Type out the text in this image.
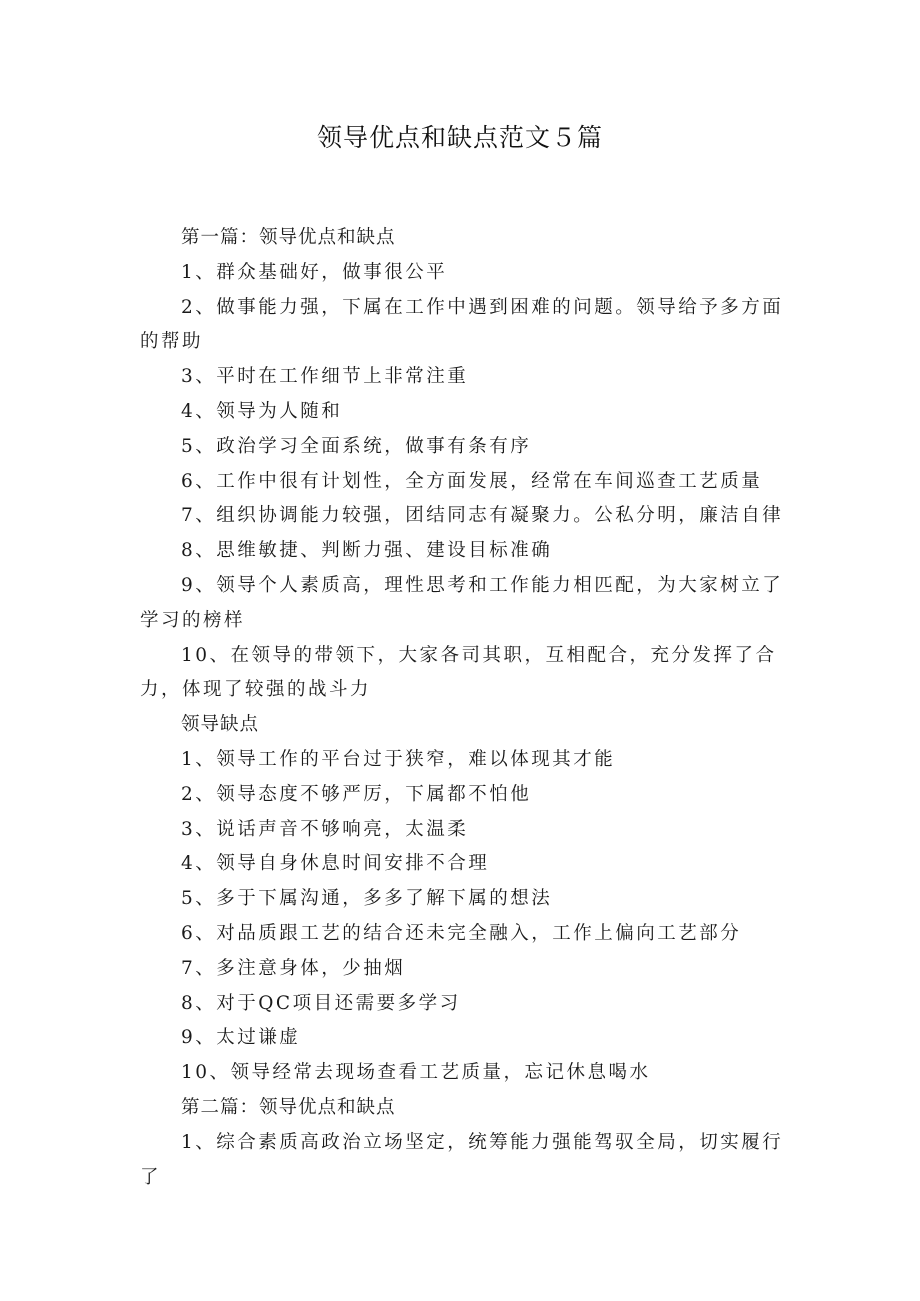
领导优点和缺点范文５篇

第一篇：领导优点和缺点

1、群众基础好，做事很公平

2、做事能力强，下属在工作中遇到困难的问题。领导给予多方面的帮助

3、平时在工作细节上非常注重

4、领导为人随和

5、政治学习全面系统，做事有条有序

6、工作中很有计划性，全方面发展，经常在车间巡查工艺质量

7、组织协调能力较强，团结同志有凝聚力。公私分明，廉洁自律

8、思维敏捷、判断力强、建设目标准确

9、领导个人素质高，理性思考和工作能力相匹配，为大家树立了学习的榜样

10、在领导的带领下，大家各司其职，互相配合，充分发挥了合力，体现了较强的战斗力

领导缺点

1、领导工作的平台过于狭窄，难以体现其才能

2、领导态度不够严厉，下属都不怕他

3、说话声音不够响亮，太温柔

4、领导自身休息时间安排不合理

5、多于下属沟通，多多了解下属的想法

6、对品质跟工艺的结合还未完全融入，工作上偏向工艺部分

7、多注意身体，少抽烟

8、对于QC项目还需要多学习

9、太过谦虚

10、领导经常去现场查看工艺质量，忘记休息喝水

第二篇：领导优点和缺点

1、综合素质高政治立场坚定，统筹能力强能驾驭全局，切实履行了
